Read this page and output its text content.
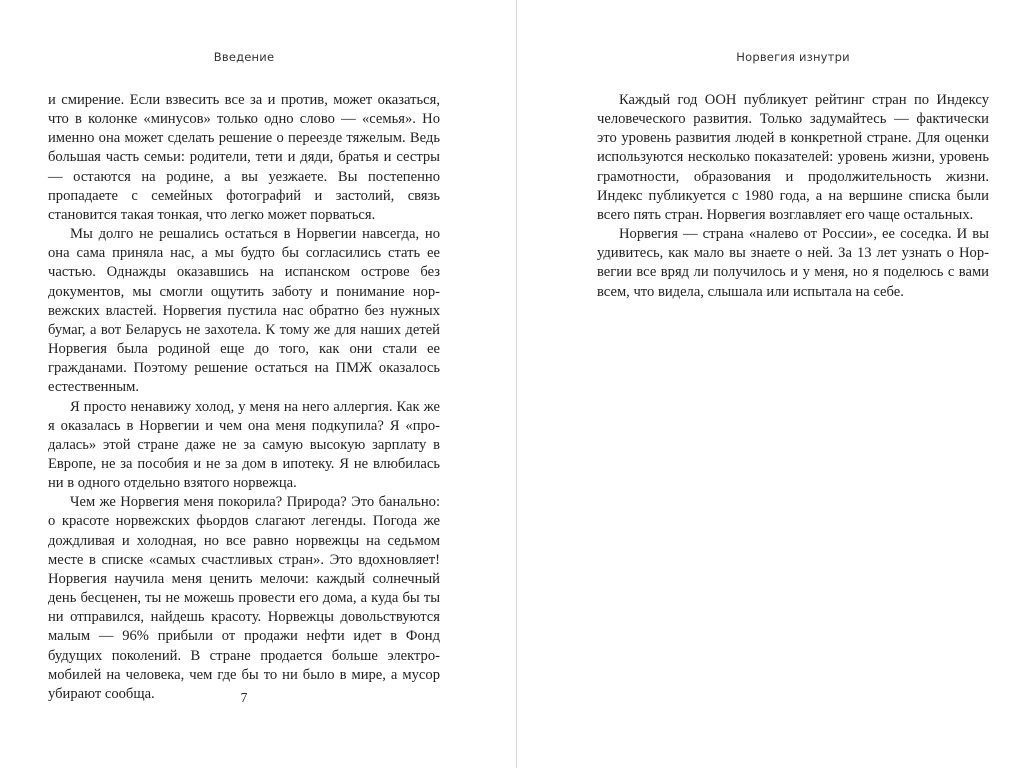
Введение

и смирение. Если взвесить все за и против, может оказаться, что в колонке «минусов» только одно слово — «семья». Но именно она может сделать решение о переезде тяжелым. Ведь большая часть семьи: родители, тети и дяди, братья и сестры — остаются на родине, а вы уезжаете. Вы постепенно пропадаете с семейных фотографий и застолий, связь становится такая тонкая, что легко может порваться.

Мы долго не решались остаться в Норвегии навсегда, но она сама приняла нас, а мы будто бы согласились стать ее частью. Однажды оказавшись на испанском острове без документов, мы смогли ощутить заботу и понимание норвежских властей. Норвегия пустила нас обратно без нужных бумаг, а вот Беларусь не захотела. К тому же для наших детей Норвегия была родиной еще до того, как они стали ее гражданами. Поэтому решение остаться на ПМЖ оказалось естественным.

Я просто ненавижу холод, у меня на него аллергия. Как же я оказалась в Норвегии и чем она меня подкупила? Я «продалась» этой стране даже не за самую высокую зарплату в Европе, не за пособия и не за дом в ипотеку. Я не влюбилась ни в одного отдельно взятого норвежца.

Чем же Норвегия меня покорила? Природа? Это банально: о красоте норвежских фьордов слагают легенды. Погода же дождливая и холодная, но все равно норвежцы на седьмом месте в списке «самых счастливых стран». Это вдохновляет! Норвегия научила меня ценить мелочи: каждый солнечный день бесценен, ты не можешь провести его дома, а куда бы ты ни отправился, найдешь красоту. Норвежцы довольствуются малым — 96% прибыли от продажи нефти идет в Фонд будущих поколений. В стране продается больше электромобилей на человека, чем где бы то ни было в мире, а мусор убирают сообща.	7
Норвегия изнутри

Каждый год ООН публикует рейтинг стран по Индексу человеческого развития. Только задумайтесь — фактически это уровень развития людей в конкретной стране. Для оценки используются несколько показателей: уровень жизни, уровень грамотности, образования и продолжительность жизни. Индекс публикуется с 1980 года, а на вершине списка были всего пять стран. Норвегия возглавляет его чаще остальных.

Норвегия — страна «налево от России», ее соседка. И вы удивитесь, как мало вы знаете о ней. За 13 лет узнать о Норвегии все вряд ли получилось и у меня, но я поделюсь с вами всем, что видела, слышала или испытала на себе.
